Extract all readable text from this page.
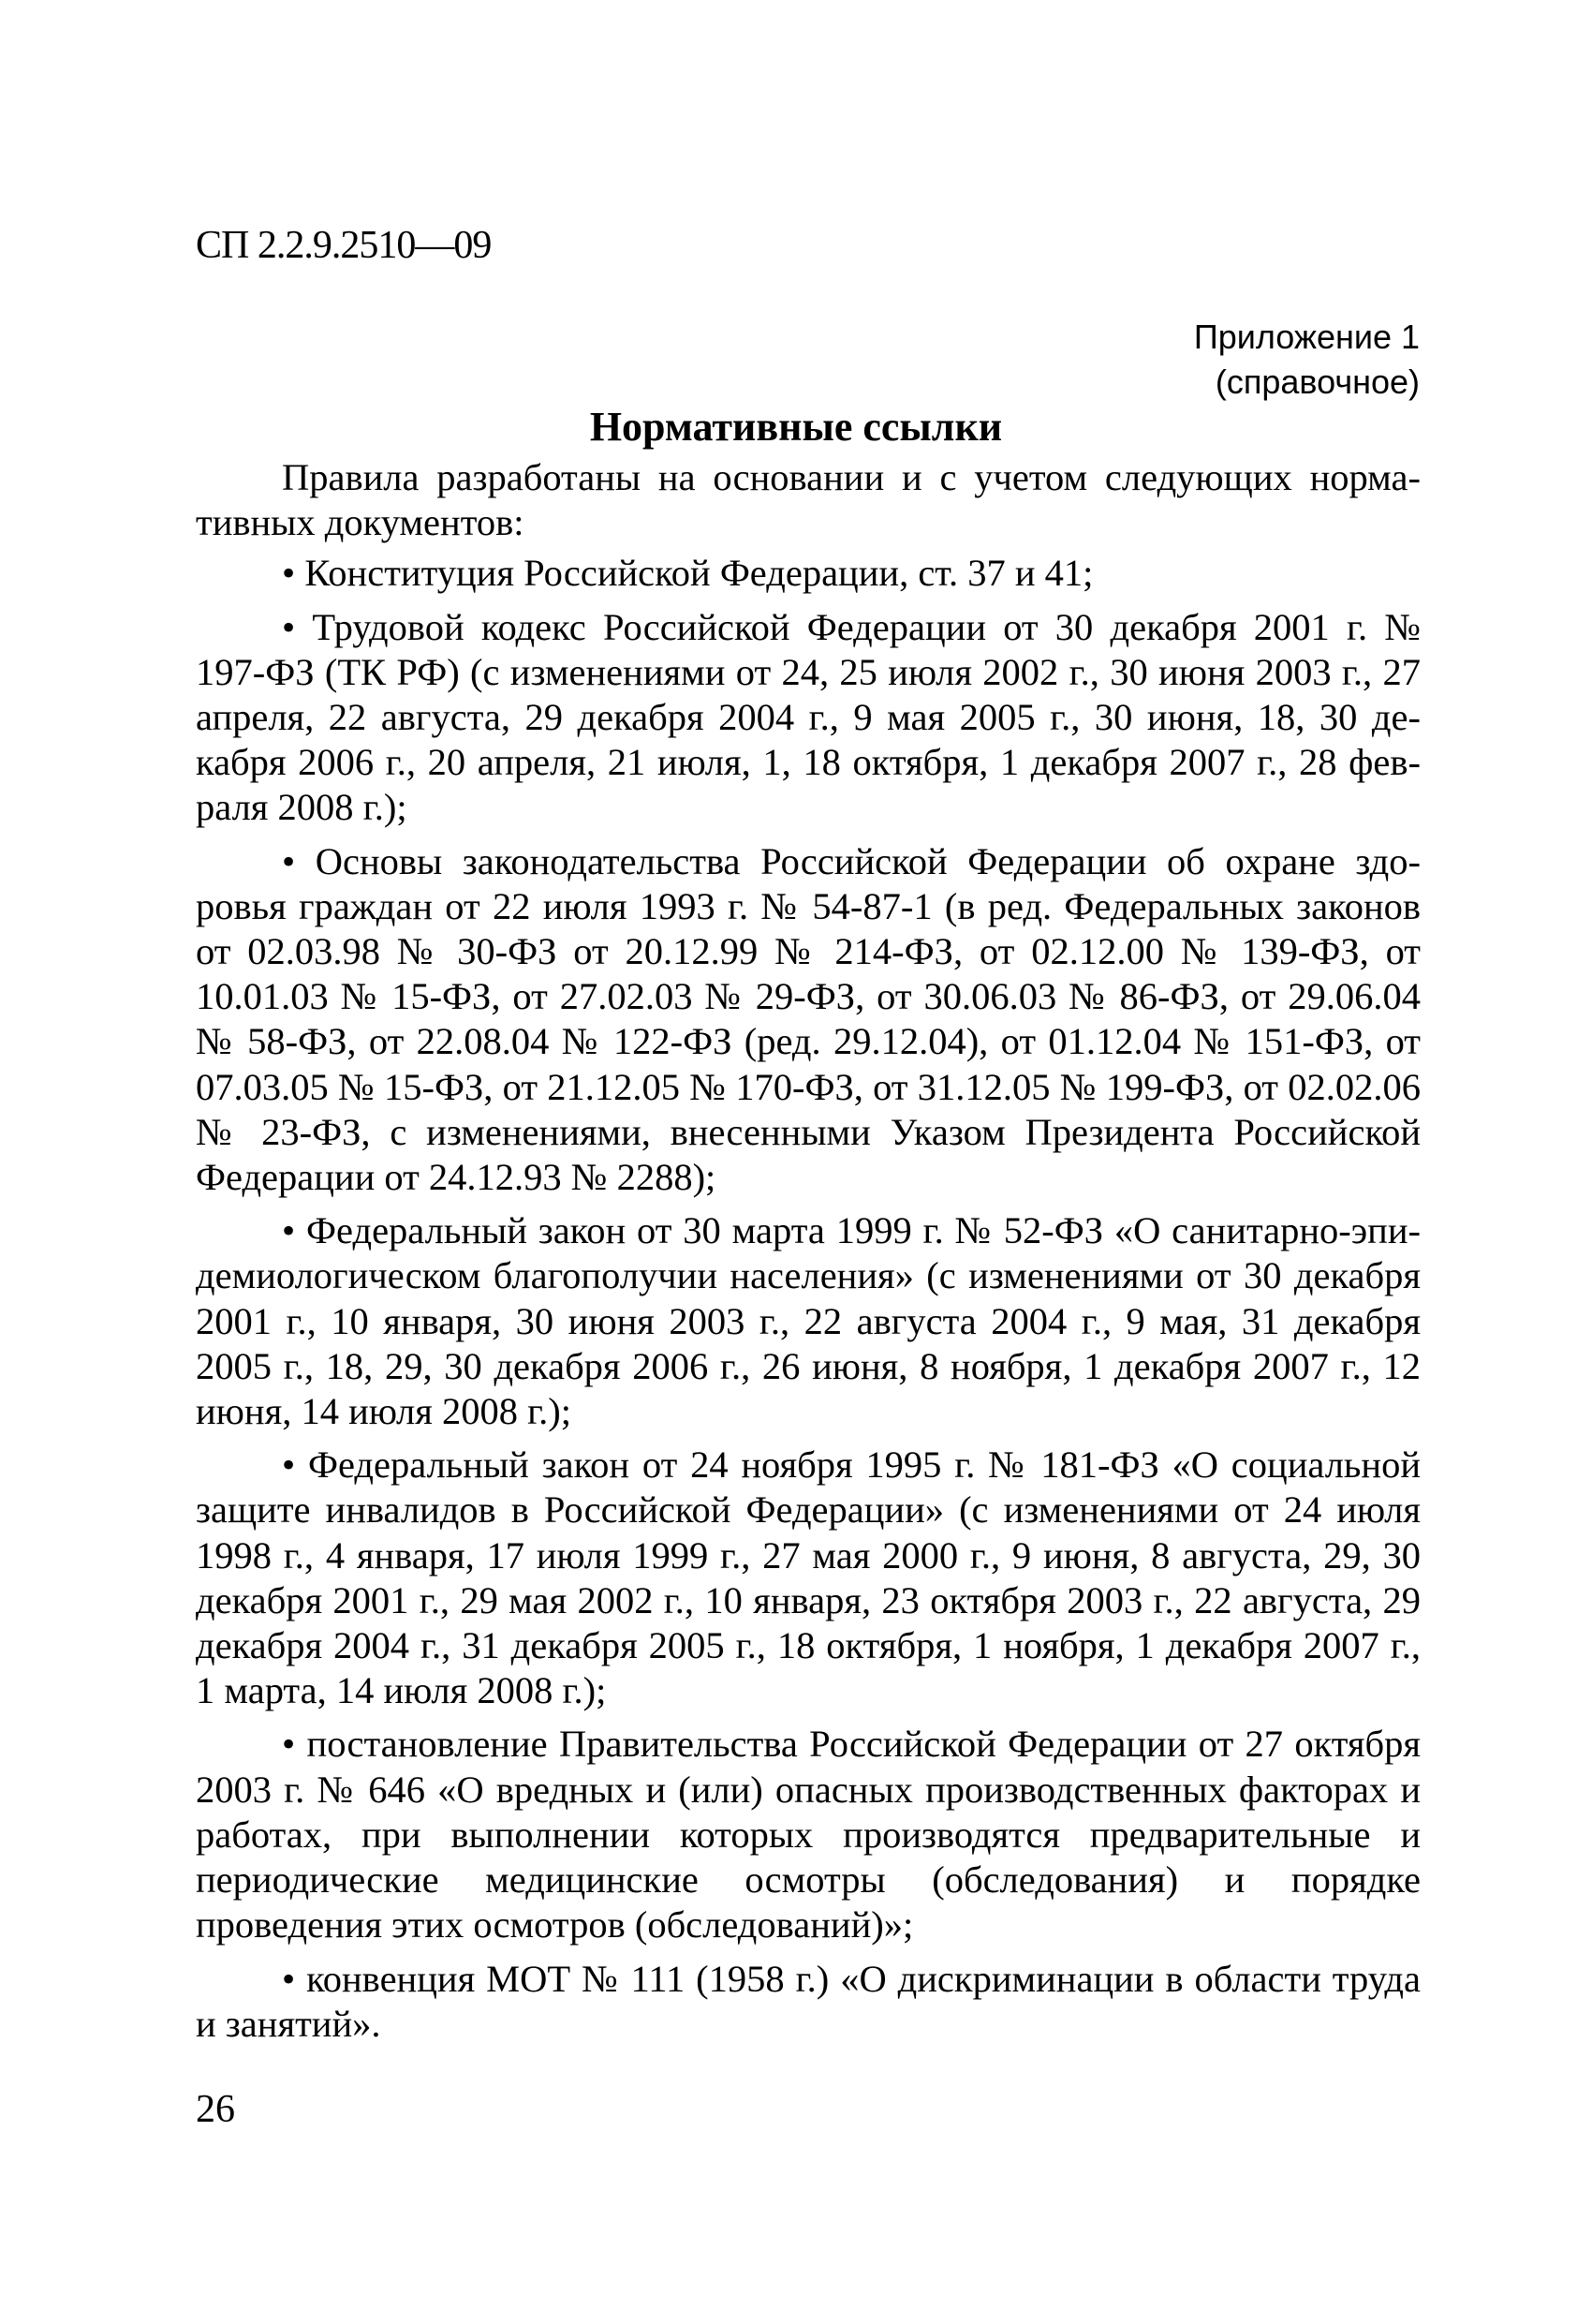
СП 2.2.9.2510—09
Приложение 1
(справочное)
Нормативные ссылки

Правила разработаны на основании и с учетом следующих нормативных документов:

• Конституция Российской Федерации, ст. 37 и 41;

• Трудовой кодекс Российской Федерации от 30 декабря 2001 г. № 197-ФЗ (ТК РФ) (с изменениями от 24, 25 июля 2002 г., 30 июня 2003 г., 27 апреля, 22 августа, 29 декабря 2004 г., 9 мая 2005 г., 30 июня, 18, 30 декабря 2006 г., 20 апреля, 21 июля, 1, 18 октября, 1 декабря 2007 г., 28 февраля 2008 г.);

• Основы законодательства Российской Федерации об охране здоровья граждан от 22 июля 1993 г. № 54-87-1 (в ред. Федеральных законов от 02.03.98 № 30-ФЗ от 20.12.99 № 214-ФЗ, от 02.12.00 № 139-ФЗ, от 10.01.03 № 15-ФЗ, от 27.02.03 № 29-ФЗ, от 30.06.03 № 86-ФЗ, от 29.06.04 № 58-ФЗ, от 22.08.04 № 122-ФЗ (ред. 29.12.04), от 01.12.04 № 151-ФЗ, от 07.03.05 № 15-ФЗ, от 21.12.05 № 170-ФЗ, от 31.12.05 № 199-ФЗ, от 02.02.06 № 23-ФЗ, с изменениями, внесенными Указом Президента Российской Федерации от 24.12.93 № 2288);

• Федеральный закон от 30 марта 1999 г. № 52-ФЗ «О санитарно-эпидемиологическом благополучии населения» (с изменениями от 30 декабря 2001 г., 10 января, 30 июня 2003 г., 22 августа 2004 г., 9 мая, 31 декабря 2005 г., 18, 29, 30 декабря 2006 г., 26 июня, 8 ноября, 1 декабря 2007 г., 12 июня, 14 июля 2008 г.);

• Федеральный закон от 24 ноября 1995 г. № 181-ФЗ «О социальной защите инвалидов в Российской Федерации» (с изменениями от 24 июля 1998 г., 4 января, 17 июля 1999 г., 27 мая 2000 г., 9 июня, 8 августа, 29, 30 декабря 2001 г., 29 мая 2002 г., 10 января, 23 октября 2003 г., 22 августа, 29 декабря 2004 г., 31 декабря 2005 г., 18 октября, 1 ноября, 1 декабря 2007 г., 1 марта, 14 июля 2008 г.);

• постановление Правительства Российской Федерации от 27 октября 2003 г. № 646 «О вредных и (или) опасных производственных факторах и работах, при выполнении которых производятся предварительные и периодические медицинские осмотры (обследования) и порядке проведения этих осмотров (обследований)»;

• конвенция МОТ № 111 (1958 г.) «О дискриминации в области труда и занятий».

26
